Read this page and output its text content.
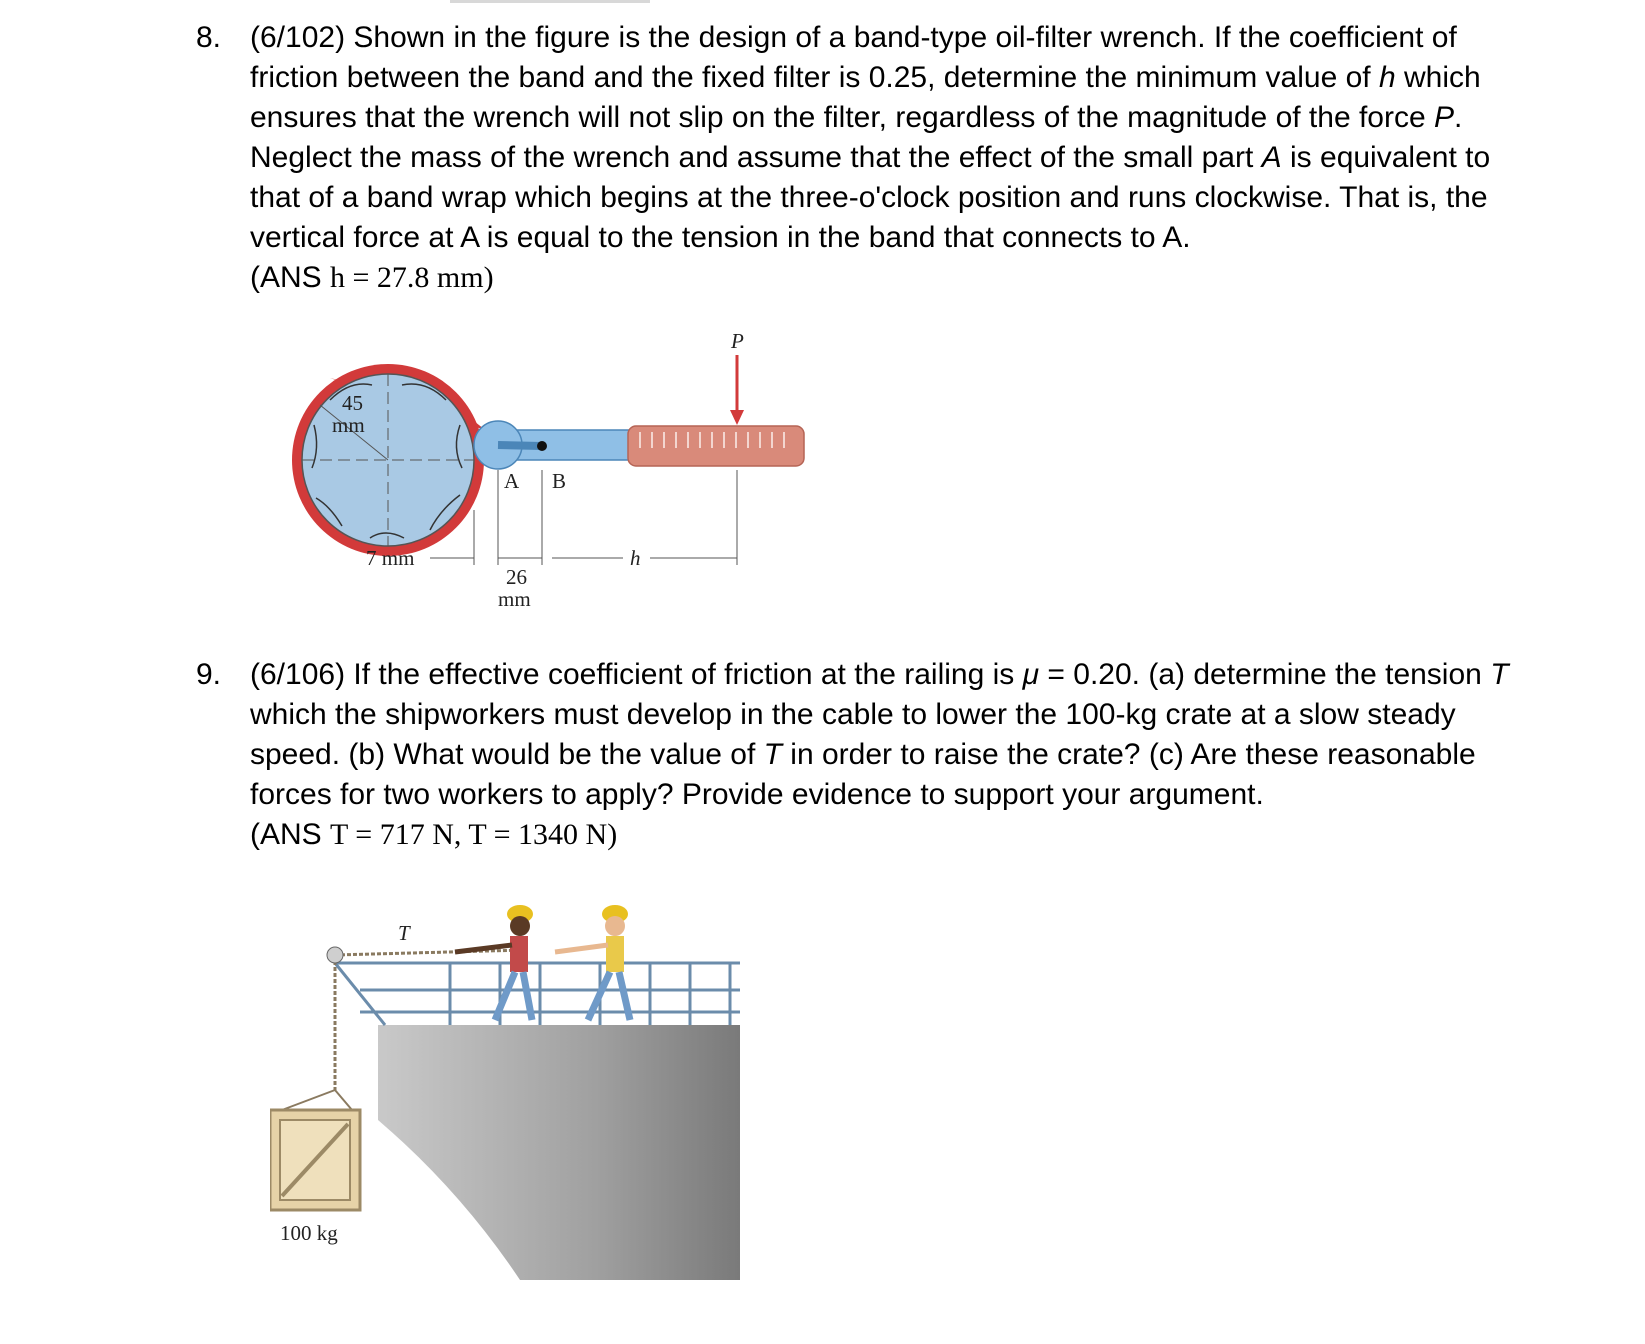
8. (6/102) Shown in the figure is the design of a band-type oil-filter wrench. If the coefficient of friction between the band and the fixed filter is 0.25, determine the minimum value of h which ensures that the wrench will not slip on the filter, regardless of the magnitude of the force P. Neglect the mass of the wrench and assume that the effect of the small part A is equivalent to that of a band wrap which begins at the three-o'clock position and runs clockwise. That is, the vertical force at A is equal to the tension in the band that connects to A.
(ANS h = 27.8 mm)
P
45
mm
A B
7 mm
26
mm
h
9. (6/106) If the effective coefficient of friction at the railing is μ = 0.20. (a) determine the tension T which the shipworkers must develop in the cable to lower the 100-kg crate at a slow steady speed. (b) What would be the value of T in order to raise the crate? (c) Are these reasonable forces for two workers to apply? Provide evidence to support your argument.
(ANS T = 717 N, T = 1340 N)
T
100 kg
